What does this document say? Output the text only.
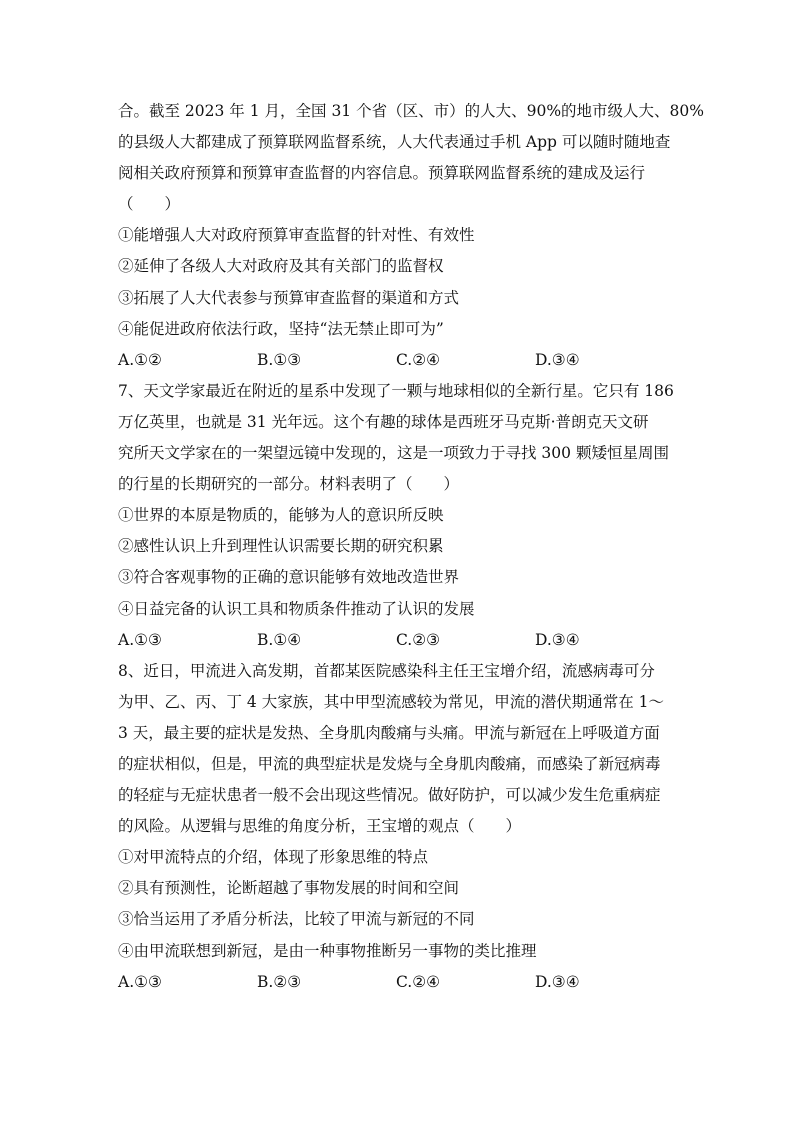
合。截至 2023 年 1 月，全国 31 个省（区、市）的人大、90%的地市级人大、80%
的县级人大都建成了预算联网监督系统，人大代表通过手机 App 可以随时随地查
阅相关政府预算和预算审查监督的内容信息。预算联网监督系统的建成及运行
（　　）
①能增强人大对政府预算审查监督的针对性、有效性
②延伸了各级人大对政府及其有关部门的监督权
③拓展了人大代表参与预算审查监督的渠道和方式
④能促进政府依法行政，坚持“法无禁止即可为”
A.①②	B.①③	C.②④	D.③④
7、天文学家最近在附近的星系中发现了一颗与地球相似的全新行星。它只有 186
万亿英里，也就是 31 光年远。这个有趣的球体是西班牙马克斯·普朗克天文研
究所天文学家在的一架望远镜中发现的，这是一项致力于寻找 300 颗矮恒星周围
的行星的长期研究的一部分。材料表明了（　　）
①世界的本原是物质的，能够为人的意识所反映
②感性认识上升到理性认识需要长期的研究积累
③符合客观事物的正确的意识能够有效地改造世界
④日益完备的认识工具和物质条件推动了认识的发展
A.①③	B.①④	C.②③	D.③④
8、近日，甲流进入高发期，首都某医院感染科主任王宝增介绍，流感病毒可分
为甲、乙、丙、丁 4 大家族，其中甲型流感较为常见，甲流的潜伏期通常在 1～
3 天，最主要的症状是发热、全身肌肉酸痛与头痛。甲流与新冠在上呼吸道方面
的症状相似，但是，甲流的典型症状是发烧与全身肌肉酸痛，而感染了新冠病毒
的轻症与无症状患者一般不会出现这些情况。做好防护，可以减少发生危重病症
的风险。从逻辑与思维的角度分析，王宝增的观点（　　）
①对甲流特点的介绍，体现了形象思维的特点
②具有预测性，论断超越了事物发展的时间和空间
③恰当运用了矛盾分析法，比较了甲流与新冠的不同
④由甲流联想到新冠，是由一种事物推断另一事物的类比推理
A.①③	B.②③	C.②④	D.③④
